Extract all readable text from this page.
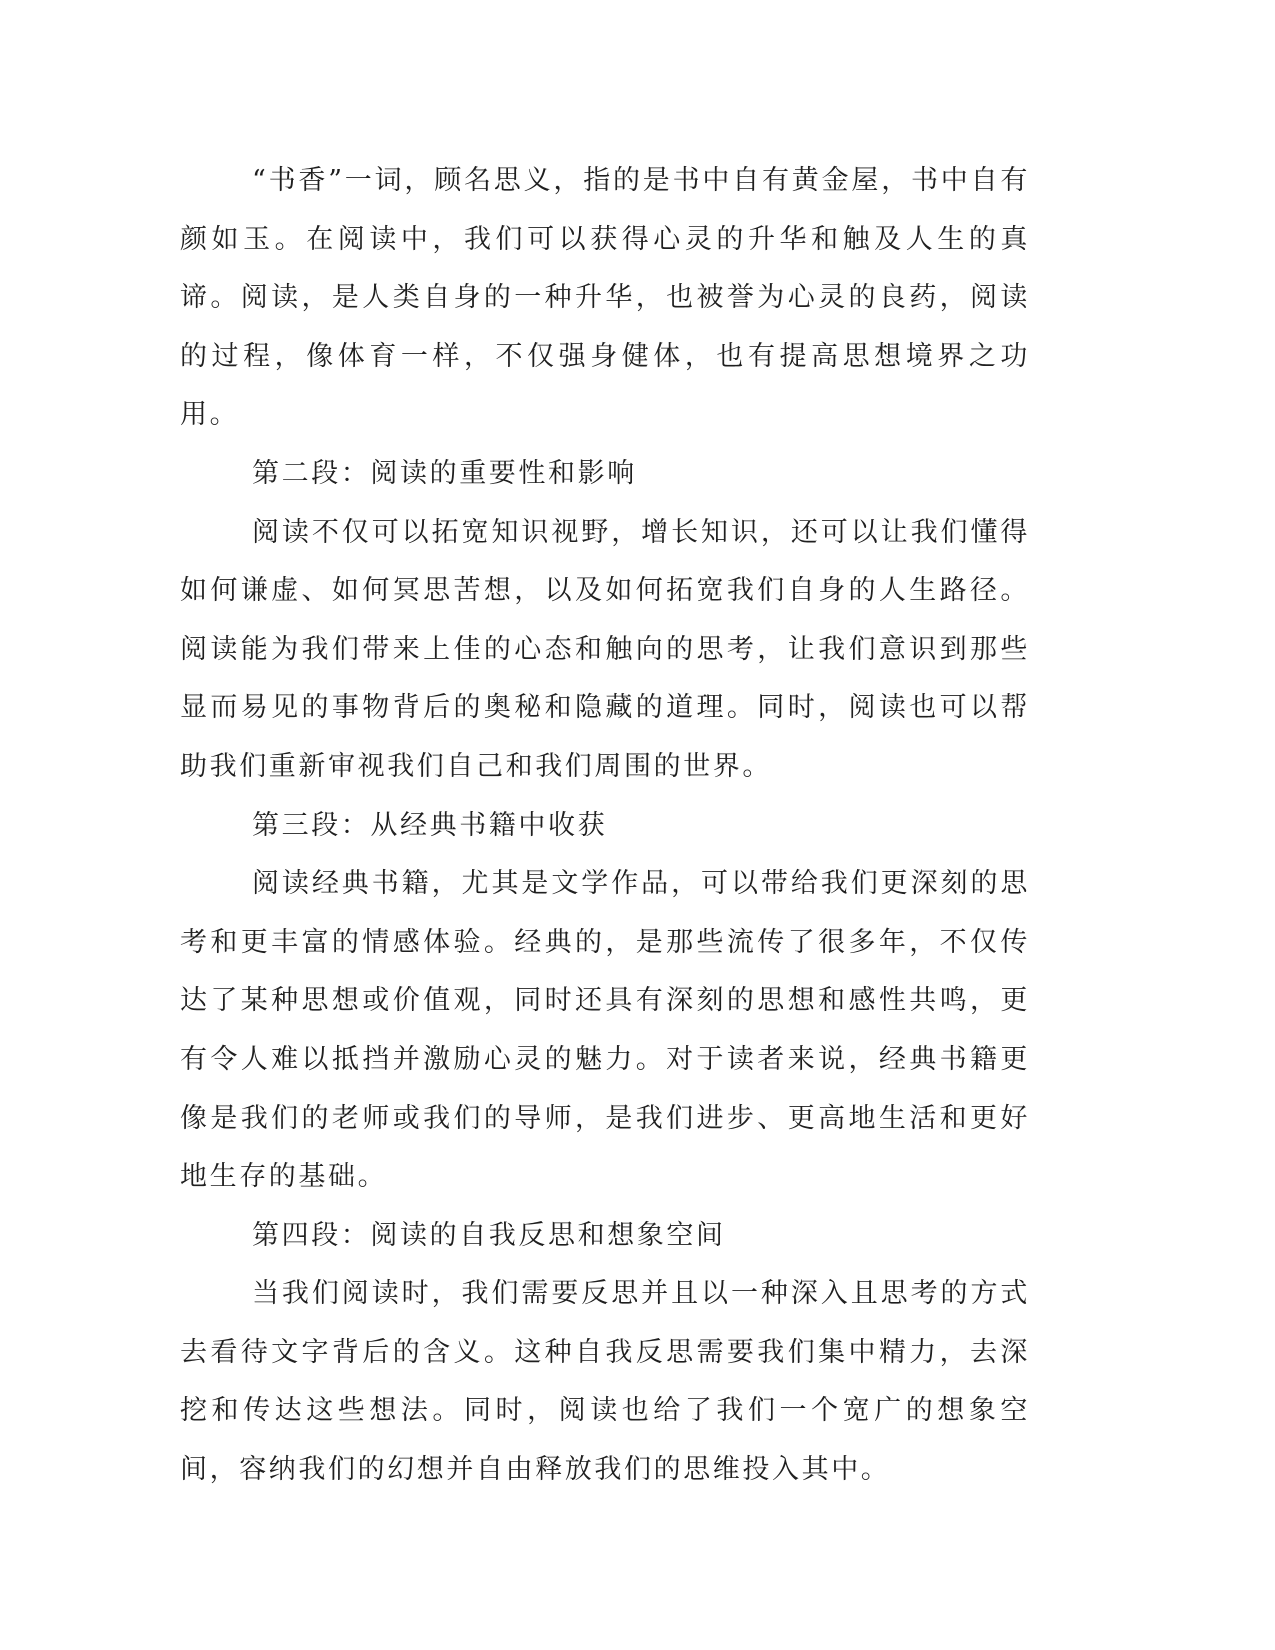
“书香”一词，顾名思义，指的是书中自有黄金屋，书中自有颜如玉。在阅读中，我们可以获得心灵的升华和触及人生的真谛。阅读，是人类自身的一种升华，也被誉为心灵的良药，阅读的过程，像体育一样，不仅强身健体，也有提高思想境界之功用。

第二段：阅读的重要性和影响

阅读不仅可以拓宽知识视野，增长知识，还可以让我们懂得如何谦虚、如何冥思苦想，以及如何拓宽我们自身的人生路径。阅读能为我们带来上佳的心态和触向的思考，让我们意识到那些显而易见的事物背后的奥秘和隐藏的道理。同时，阅读也可以帮助我们重新审视我们自己和我们周围的世界。

第三段：从经典书籍中收获

阅读经典书籍，尤其是文学作品，可以带给我们更深刻的思考和更丰富的情感体验。经典的，是那些流传了很多年，不仅传达了某种思想或价值观，同时还具有深刻的思想和感性共鸣，更有令人难以抵挡并激励心灵的魅力。对于读者来说，经典书籍更像是我们的老师或我们的导师，是我们进步、更高地生活和更好地生存的基础。

第四段：阅读的自我反思和想象空间

当我们阅读时，我们需要反思并且以一种深入且思考的方式去看待文字背后的含义。这种自我反思需要我们集中精力，去深挖和传达这些想法。同时，阅读也给了我们一个宽广的想象空间，容纳我们的幻想并自由释放我们的思维投入其中。
